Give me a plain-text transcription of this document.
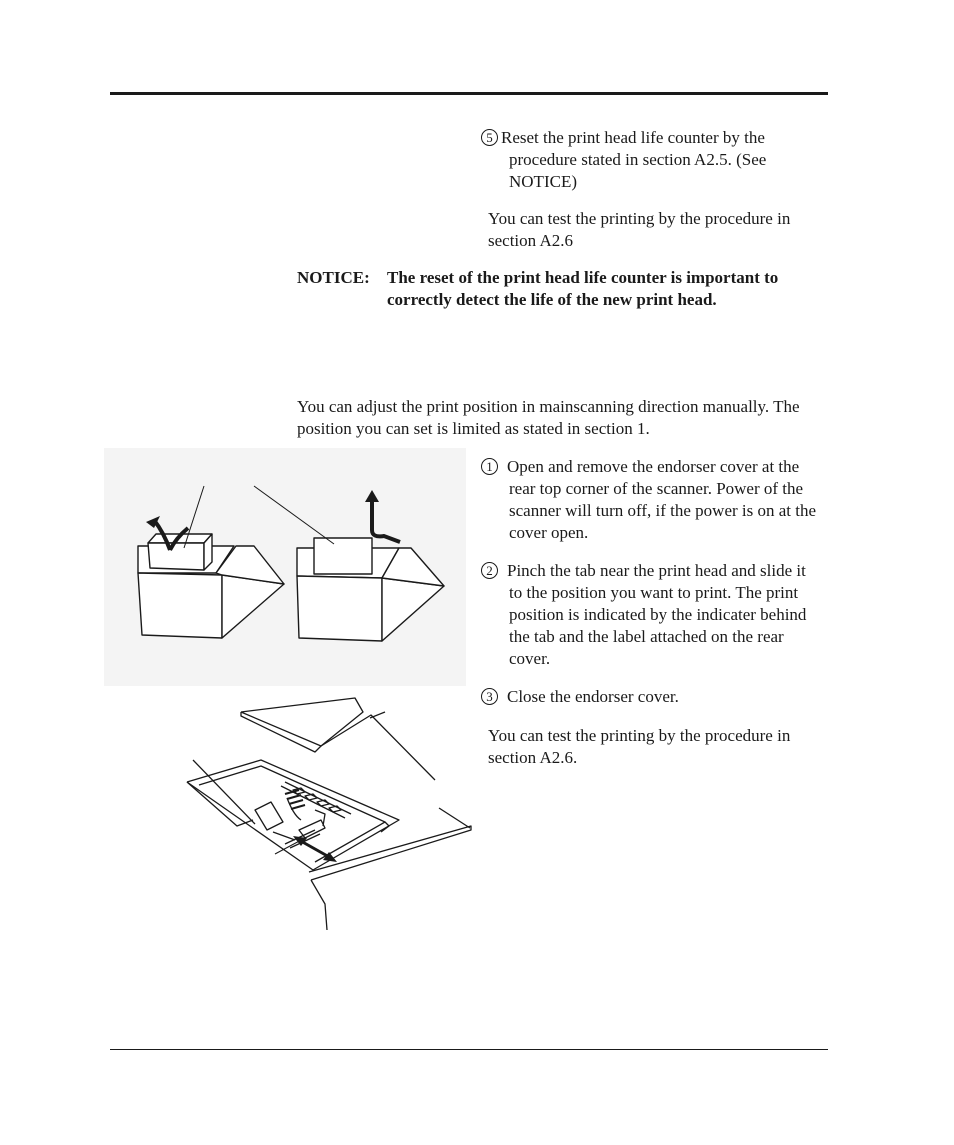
5 Reset the print head life counter by the procedure stated in section A2.5. (See NOTICE)
You can test the printing by the procedure in section A2.6
NOTICE: The reset of the print head life counter is important to correctly detect the life of the new print head.
You can adjust the print position in mainscanning direction manually. The position you can set is limited as stated in section 1.
1 Open and remove the endorser cover at the rear top corner of the scanner. Power of the scanner will turn off, if the power is on at the cover open.
2 Pinch the tab near the print head and slide it to the position you want to print. The print position is indicated by the indicater behind the tab and the label attached on the rear cover.
3 Close the endorser cover.
You can test the printing by the procedure in section A2.6.
